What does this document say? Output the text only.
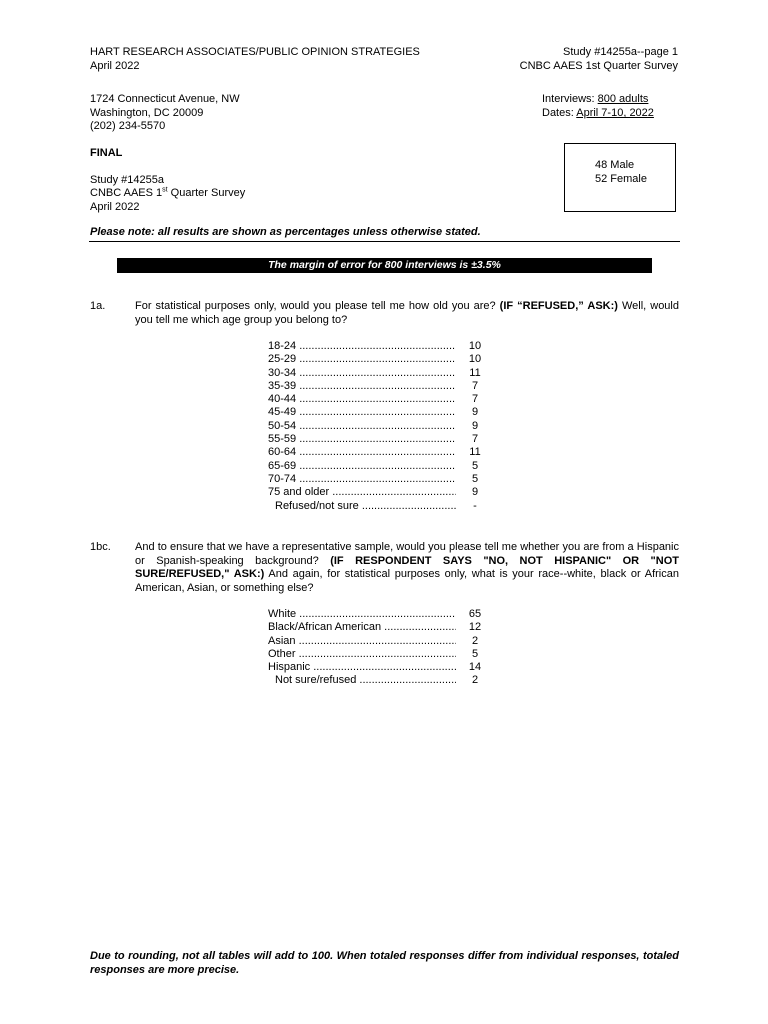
HART RESEARCH ASSOCIATES/PUBLIC OPINION STRATEGIES
April 2022
Study #14255a--page 1
CNBC AAES 1st Quarter Survey
1724 Connecticut Avenue, NW
Washington, DC 20009
(202) 234-5570
Interviews: 800 adults
Dates: April 7-10, 2022
FINAL
Study #14255a
CNBC AAES 1st Quarter Survey
April 2022
48 Male
52 Female
Please note: all results are shown as percentages unless otherwise stated.
The margin of error for 800 interviews is ±3.5%
1a.	For statistical purposes only, would you please tell me how old you are? (IF “REFUSED,” ASK:) Well, would you tell me which age group you belong to?
18-24 .....	10
25-29 .....	10
30-34 .....	11
35-39 .....	7
40-44 .....	7
45-49 .....	9
50-54 .....	9
55-59 .....	7
60-64 .....	11
65-69 .....	5
70-74 .....	5
75 and older .....	9
Refused/not sure .....	-
1bc. And to ensure that we have a representative sample, would you please tell me whether you are from a Hispanic or Spanish-speaking background? (IF RESPONDENT SAYS "NO, NOT HISPANIC" OR "NOT SURE/REFUSED," ASK:) And again, for statistical purposes only, what is your race--white, black or African American, Asian, or something else?
White .....	65
Black/African American .....	12
Asian .....	2
Other .....	5
Hispanic .....	14
Not sure/refused .....	2
Due to rounding, not all tables will add to 100. When totaled responses differ from individual responses, totaled responses are more precise.
